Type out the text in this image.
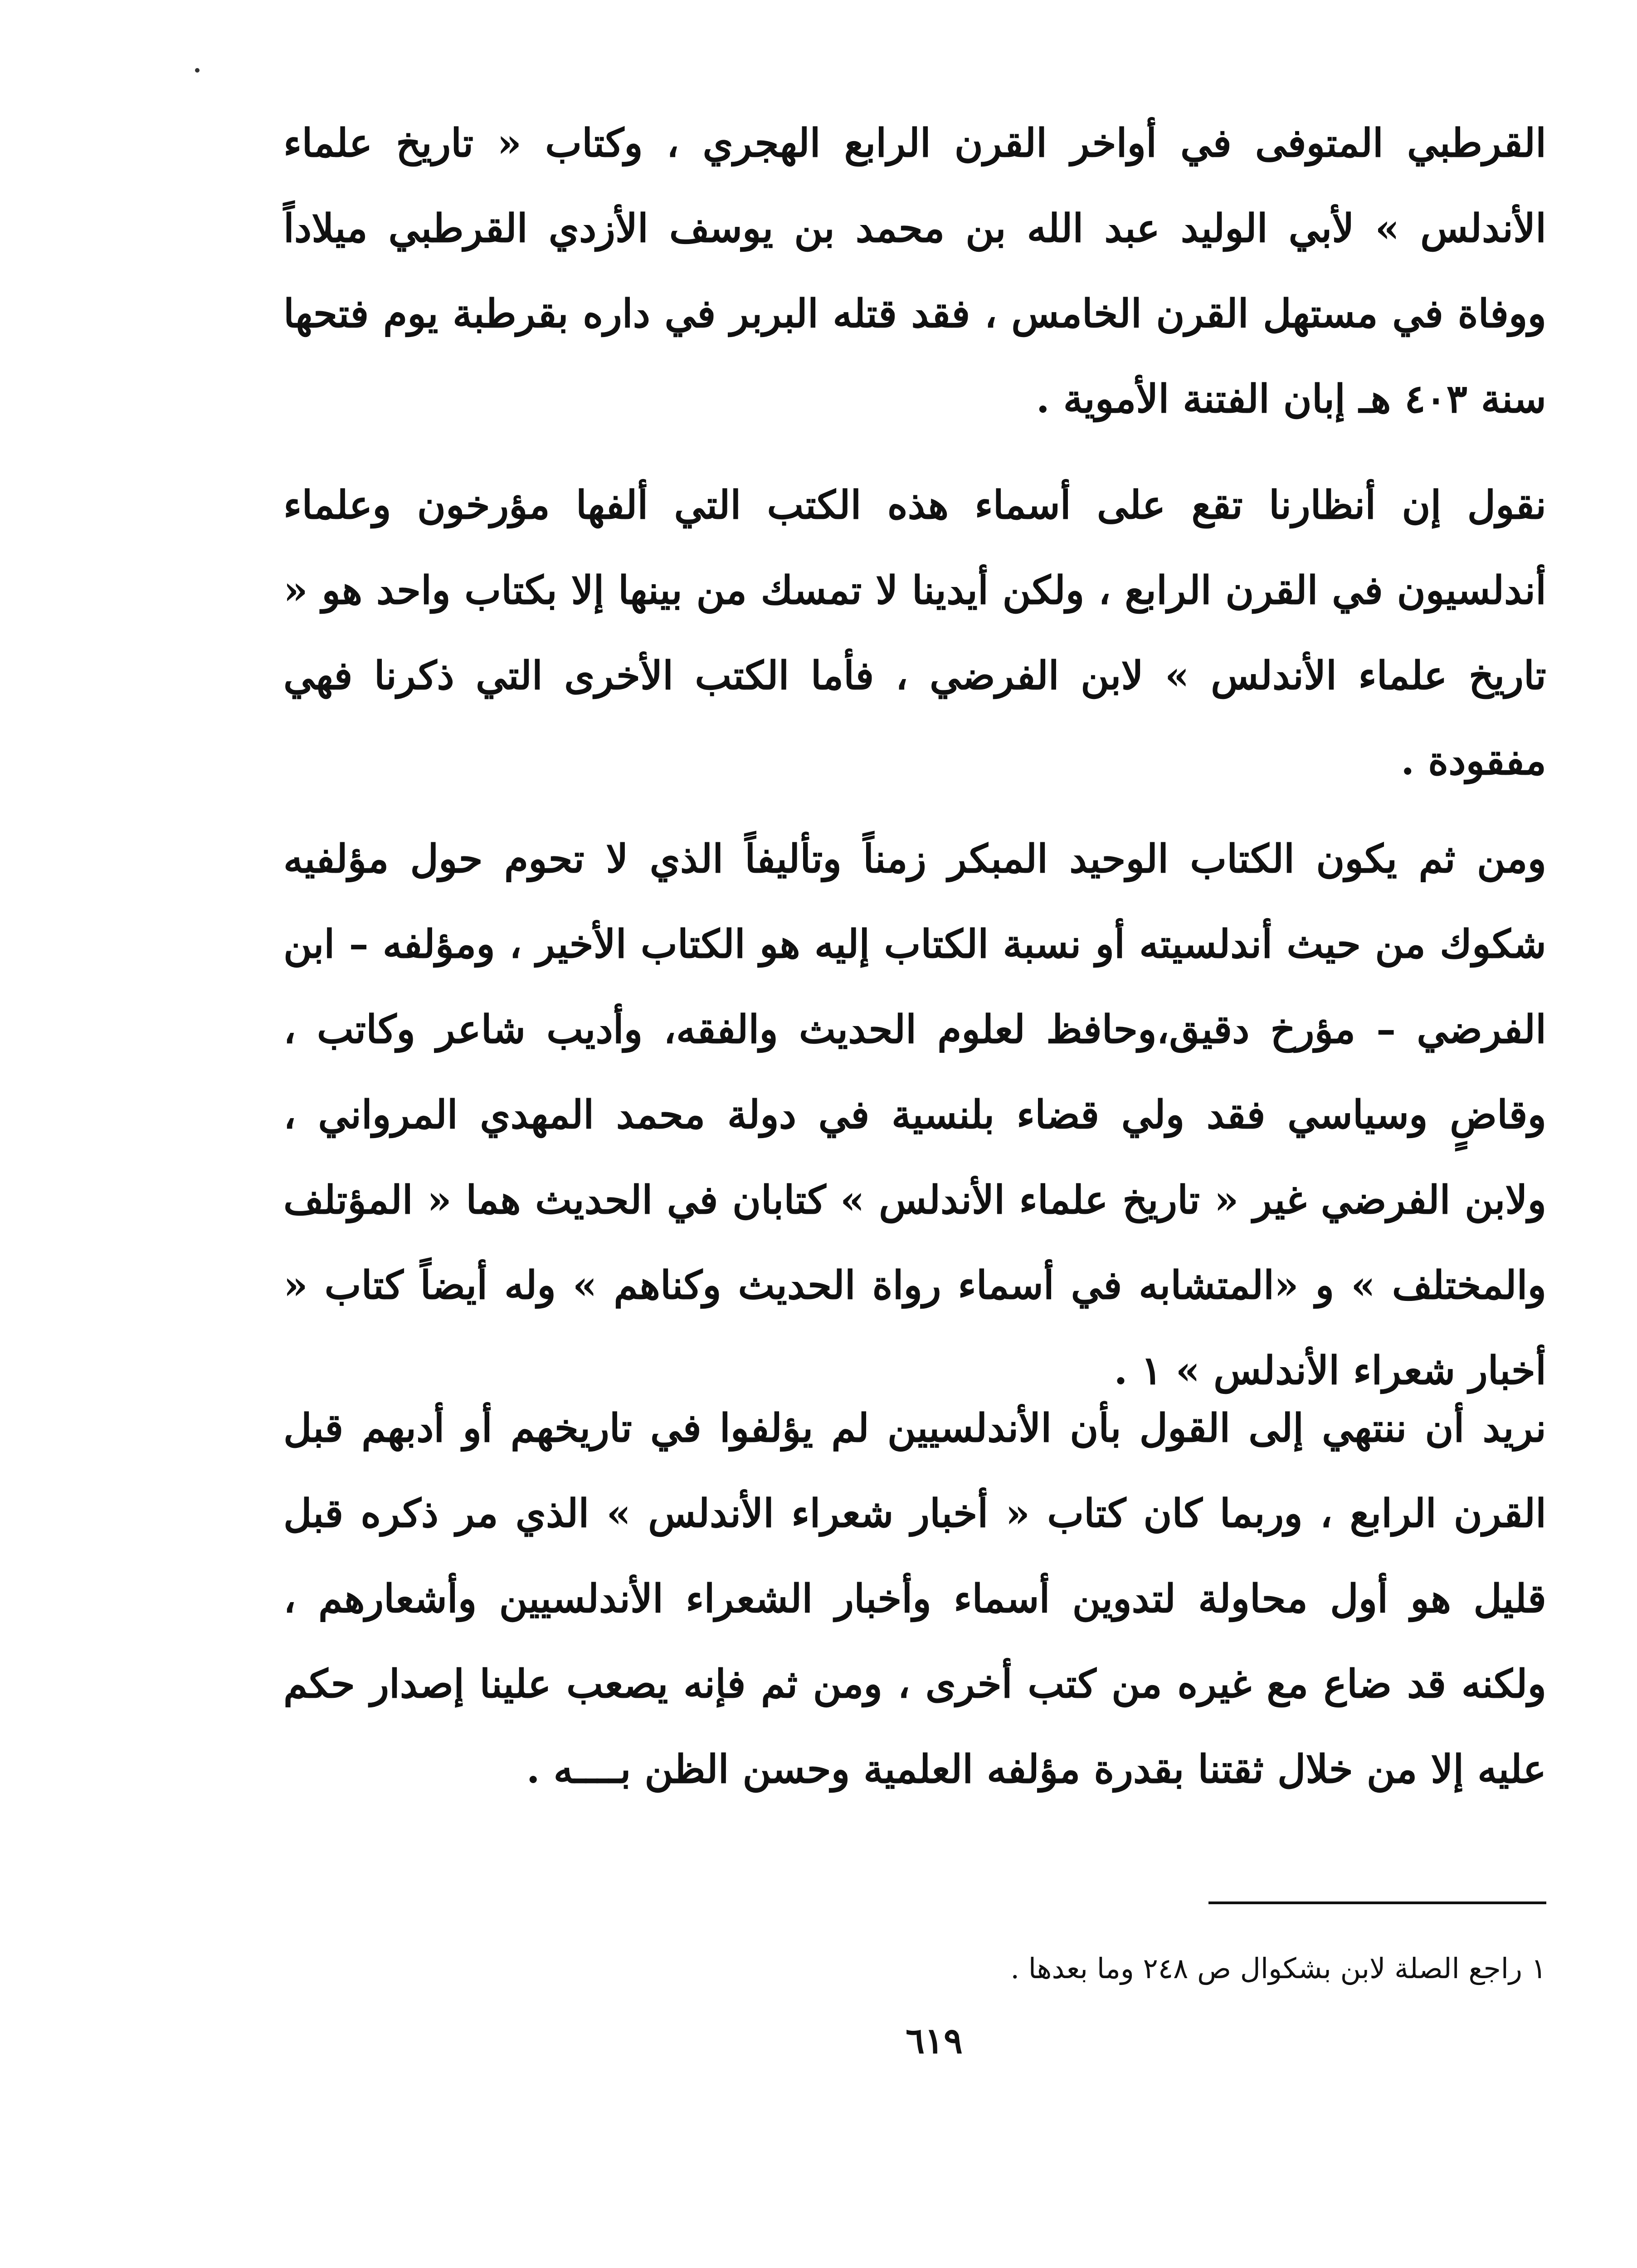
القرطبي المتوفى في أواخر القرن الرابع الهجري ، وكتاب « تاريخ علماء الأندلس » لأبي الوليد عبد الله بن محمد بن يوسف الأزدي القرطبي ميلاداً ووفاة في مستهل القرن الخامس ، فقد قتله البربر في داره بقرطبة يوم فتحها سنة ٤٠٣ هـ إبان الفتنة الأموية .

نقول إن أنظارنا تقع على أسماء هذه الكتب التي ألفها مؤرخون وعلماء أندلسيون في القرن الرابع ، ولكن أيدينا لا تمسك من بينها إلا بكتاب واحد هو « تاريخ علماء الأندلس » لابن الفرضي ، فأما الكتب الأخرى التي ذكرنا فهي مفقودة .

ومن ثم يكون الكتاب الوحيد المبكر زمناً وتأليفاً الذي لا تحوم حول مؤلفيه شكوك من حيث أندلسيته أو نسبة الكتاب إليه هو الكتاب الأخير ، ومؤلفه – ابن الفرضي – مؤرخ دقيق،وحافظ لعلوم الحديث والفقه، وأديب شاعر وكاتب ، وقاضٍ وسياسي فقد ولي قضاء بلنسية في دولة محمد المهدي المرواني ، ولابن الفرضي غير « تاريخ علماء الأندلس » كتابان في الحديث هما « المؤتلف والمختلف » و «المتشابه في أسماء رواة الحديث وكناهم » وله أيضاً كتاب « أخبار شعراء الأندلس » ١ .

نريد أن ننتهي إلى القول بأن الأندلسيين لم يؤلفوا في تاريخهم أو أدبهم قبل القرن الرابع ، وربما كان كتاب « أخبار شعراء الأندلس » الذي مر ذكره قبل قليل هو أول محاولة لتدوين أسماء وأخبار الشعراء الأندلسيين وأشعارهم ، ولكنه قد ضاع مع غيره من كتب أخرى ، ومن ثم فإنه يصعب علينا إصدار حكم عليه إلا من خلال ثقتنا بقدرة مؤلفه العلمية وحسن الظن بــــه .

١ راجع الصلة لابن بشكوال ص ٢٤٨ وما بعدها .

٦١٩
